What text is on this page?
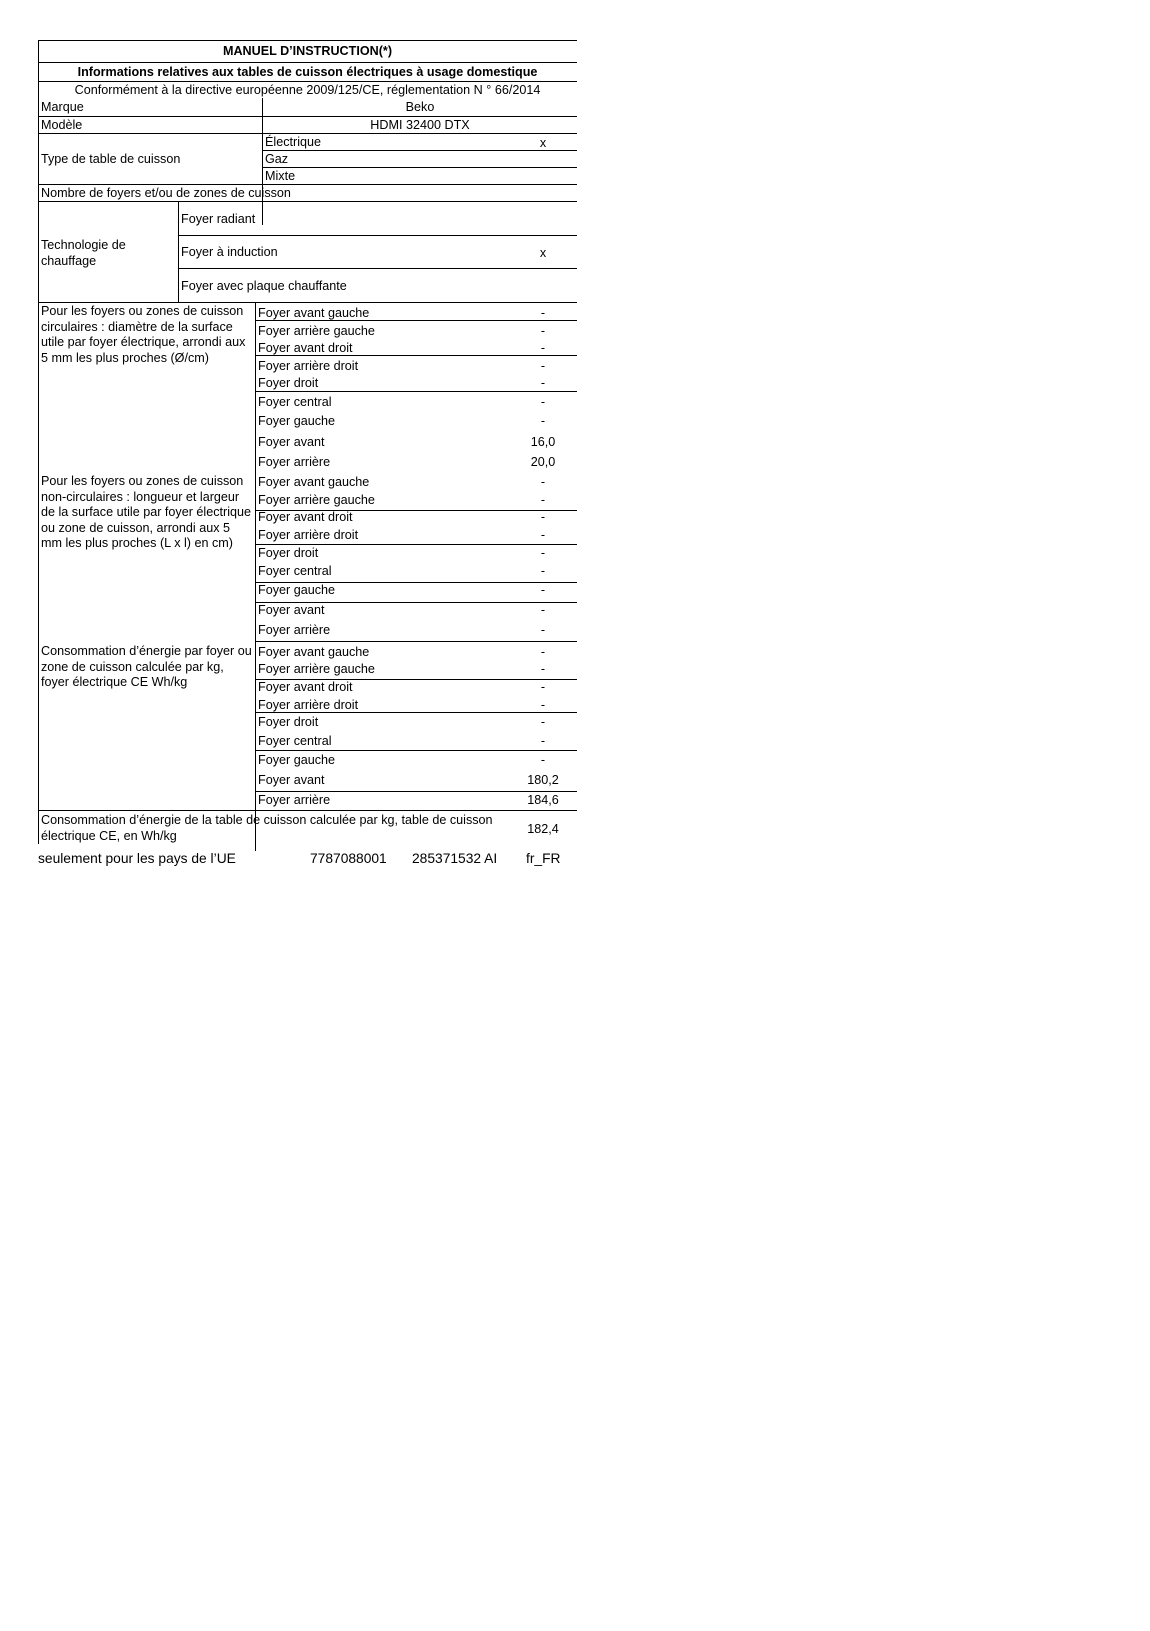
MANUEL D’INSTRUCTION(*)
Informations relatives aux tables de cuisson électriques à usage domestique
Conformément à la directive européenne 2009/125/CE, réglementation N ° 66/2014
Marque	Beko
Modèle	HDMI 32400 DTX
Type de table de cuisson
Électrique	x
Gaz
Mixte
Nombre de foyers et/ou de zones de cuisson
Technologie de chauffage
Foyer radiant
Foyer à induction	x
Foyer avec plaque chauffante
Pour les foyers ou zones de cuisson circulaires : diamètre de la surface utile par foyer électrique, arrondi aux 5 mm les plus proches (Ø/cm)
Foyer avant gauche	-
Foyer arrière gauche	-
Foyer avant droit	-
Foyer arrière droit	-
Foyer droit	-
Foyer central	-
Foyer gauche	-
Foyer avant	16,0
Foyer arrière	20,0
Pour les foyers ou zones de cuisson non-circulaires : longueur et largeur de la surface utile par foyer électrique ou zone de cuisson, arrondi aux 5 mm les plus proches (L x l) en cm)
Foyer avant gauche	-
Foyer arrière gauche	-
Foyer avant droit	-
Foyer arrière droit	-
Foyer droit	-
Foyer central	-
Foyer gauche	-
Foyer avant	-
Foyer arrière	-
Consommation d’énergie par foyer ou zone de cuisson calculée par kg, foyer électrique CE Wh/kg
Foyer avant gauche	-
Foyer arrière gauche	-
Foyer avant droit	-
Foyer arrière droit	-
Foyer droit	-
Foyer central	-
Foyer gauche	-
Foyer avant	180,2
Foyer arrière	184,6
Consommation d’énergie de la table de cuisson calculée par kg, table de cuisson électrique CE, en Wh/kg	182,4
seulement pour les pays de l’UE	7787088001 285371532 AI fr_FR
